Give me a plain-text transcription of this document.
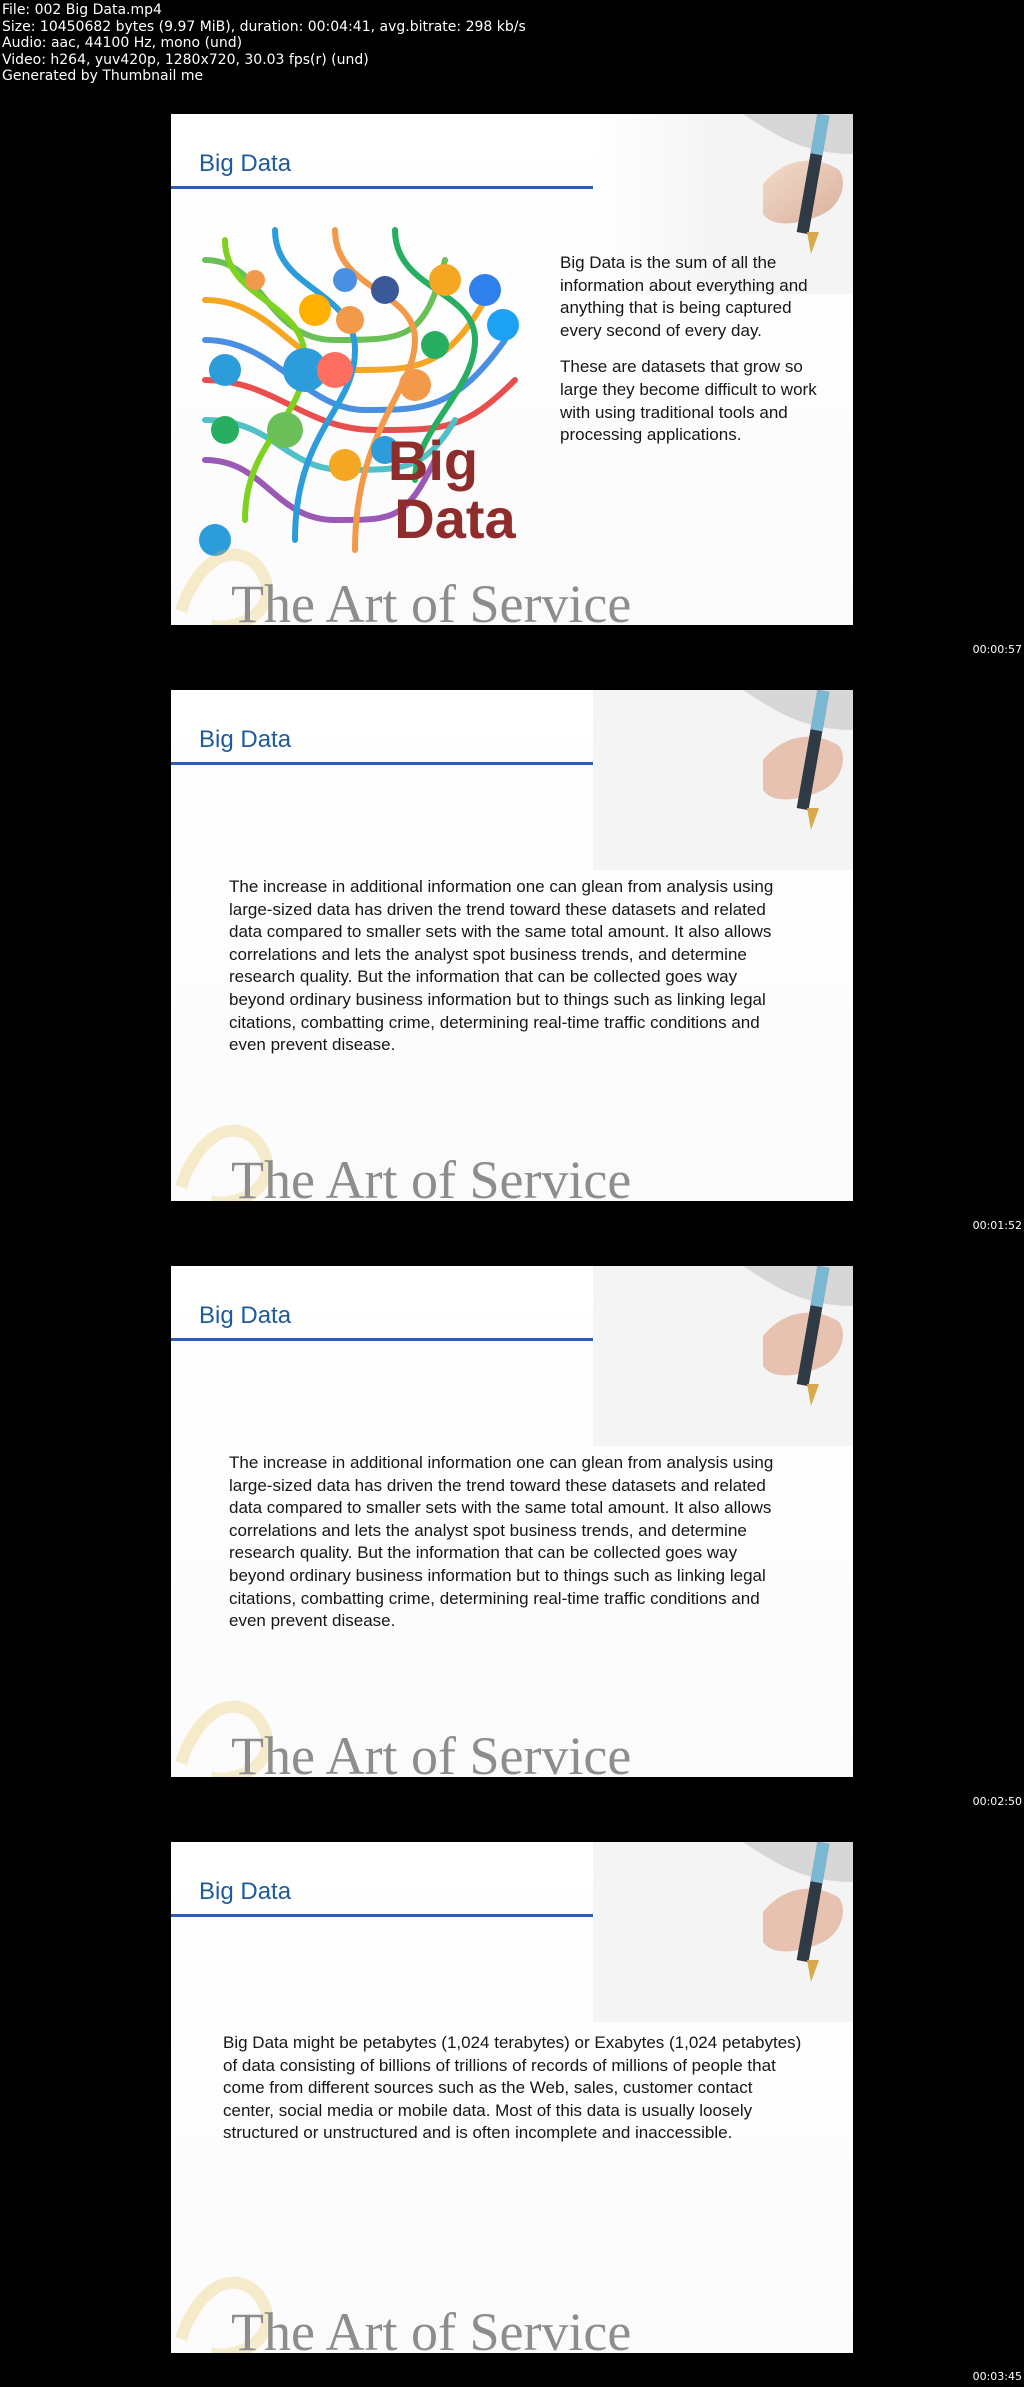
File: 002 Big Data.mp4
Size: 10450682 bytes (9.97 MiB), duration: 00:04:41, avg.bitrate: 298 kb/s
Audio: aac, 44100 Hz, mono (und)
Video: h264, yuv420p, 1280x720, 30.03 fps(r) (und)
Generated by Thumbnail me
Big Data
Big
Data

Big Data is the sum of all the information about everything and anything that is being captured every second of every day.

These are datasets that grow so large they become difficult to work with using traditional tools and processing applications.

The Art of Service
00:00:57
Big Data

The increase in additional information one can glean from analysis using large-sized data has driven the trend toward these datasets and related data compared to smaller sets with the same total amount. It also allows correlations and lets the analyst spot business trends, and determine research quality. But the information that can be collected goes way beyond ordinary business information but to things such as linking legal citations, combatting crime, determining real-time traffic conditions and even prevent disease.

The Art of Service
00:01:52
Big Data

The increase in additional information one can glean from analysis using large-sized data has driven the trend toward these datasets and related data compared to smaller sets with the same total amount. It also allows correlations and lets the analyst spot business trends, and determine research quality. But the information that can be collected goes way beyond ordinary business information but to things such as linking legal citations, combatting crime, determining real-time traffic conditions and even prevent disease.

The Art of Service
00:02:50
Big Data

Big Data might be petabytes (1,024 terabytes) or Exabytes (1,024 petabytes) of data consisting of billions of trillions of records of millions of people that come from different sources such as the Web, sales, customer contact center, social media or mobile data. Most of this data is usually loosely structured or unstructured and is often incomplete and inaccessible.

The Art of Service
00:03:45
